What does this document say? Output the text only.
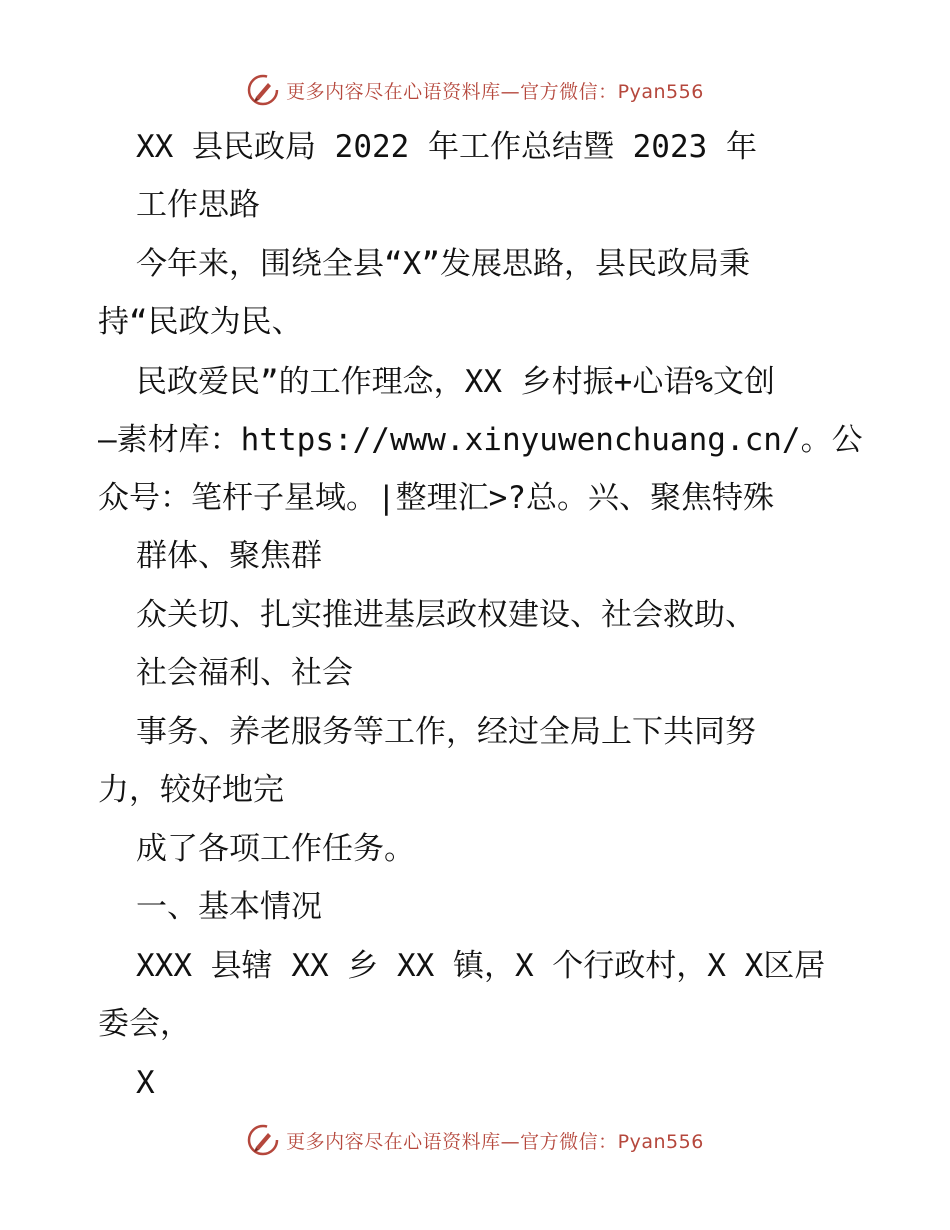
更多内容尽在心语资料库—官方微信：Pyan556
XX 县民政局 2022 年工作总结暨 2023 年
工作思路
今年来，围绕全县“X”发展思路，县民政局秉
持“民政为民、
民政爱民”的工作理念，XX 乡村振+心语%文创
—素材库：https://www.xinyuwenchuang.cn/。公
众号：笔杆子星域。|整理汇>?总。兴、聚焦特殊
群体、聚焦群
众关切、扎实推进基层政权建设、社会救助、
社会福利、社会
事务、养老服务等工作，经过全局上下共同努
力，较好地完
成了各项工作任务。
一、基本情况
XXX 县辖 XX 乡 XX 镇，X 个行政村，X X区居
委会，
X
更多内容尽在心语资料库—官方微信：Pyan556
